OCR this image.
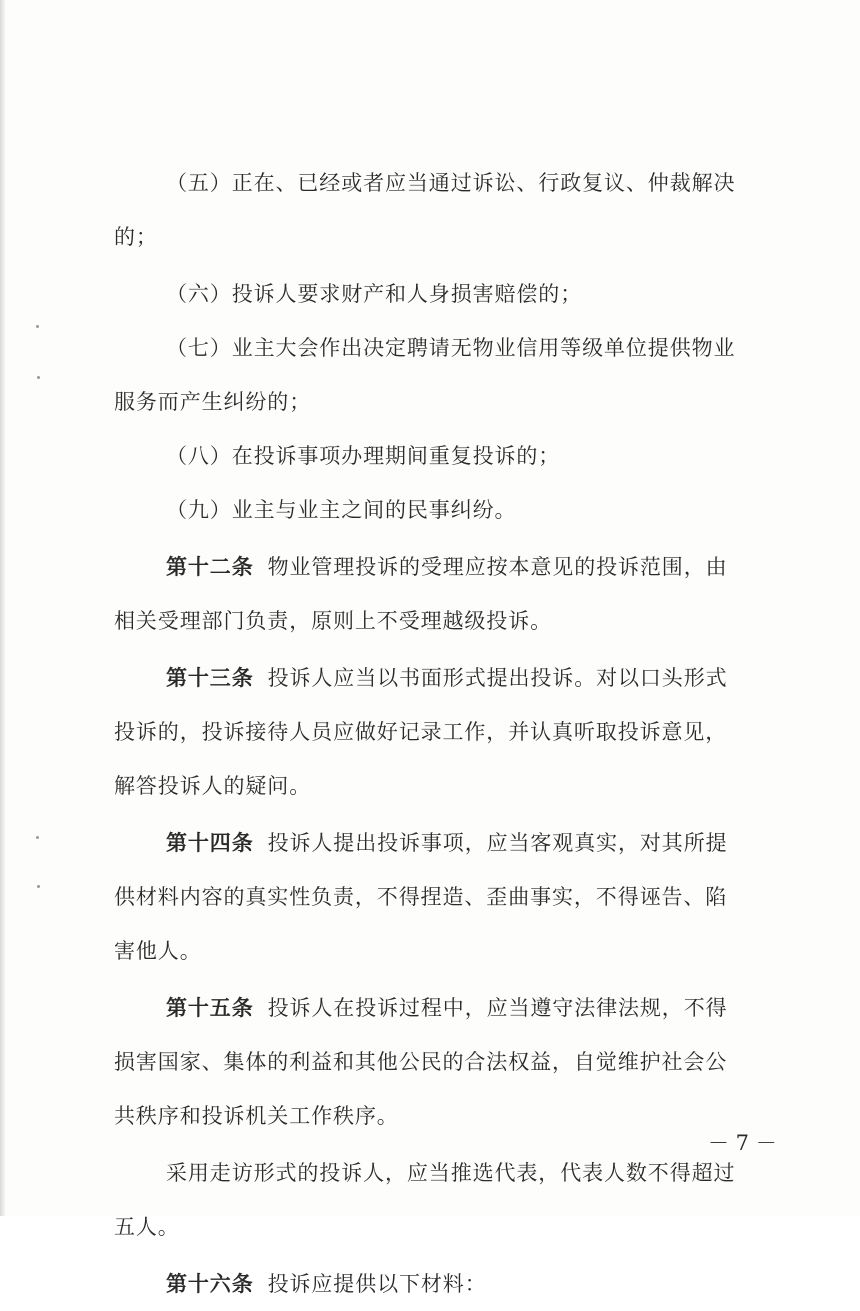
（五）正在、已经或者应当通过诉讼、行政复议、仲裁解决
的；
（六）投诉人要求财产和人身损害赔偿的；
（七）业主大会作出决定聘请无物业信用等级单位提供物业
服务而产生纠纷的；
（八）在投诉事项办理期间重复投诉的；
（九）业主与业主之间的民事纠纷。
第十二条 物业管理投诉的受理应按本意见的投诉范围，由
相关受理部门负责，原则上不受理越级投诉。
第十三条 投诉人应当以书面形式提出投诉。对以口头形式
投诉的，投诉接待人员应做好记录工作，并认真听取投诉意见，
解答投诉人的疑问。
第十四条 投诉人提出投诉事项，应当客观真实，对其所提
供材料内容的真实性负责，不得捏造、歪曲事实，不得诬告、陷
害他人。
第十五条 投诉人在投诉过程中，应当遵守法律法规，不得
损害国家、集体的利益和其他公民的合法权益，自觉维护社会公
共秩序和投诉机关工作秩序。
采用走访形式的投诉人，应当推选代表，代表人数不得超过
五人。
第十六条 投诉应提供以下材料：
－ 7 －
